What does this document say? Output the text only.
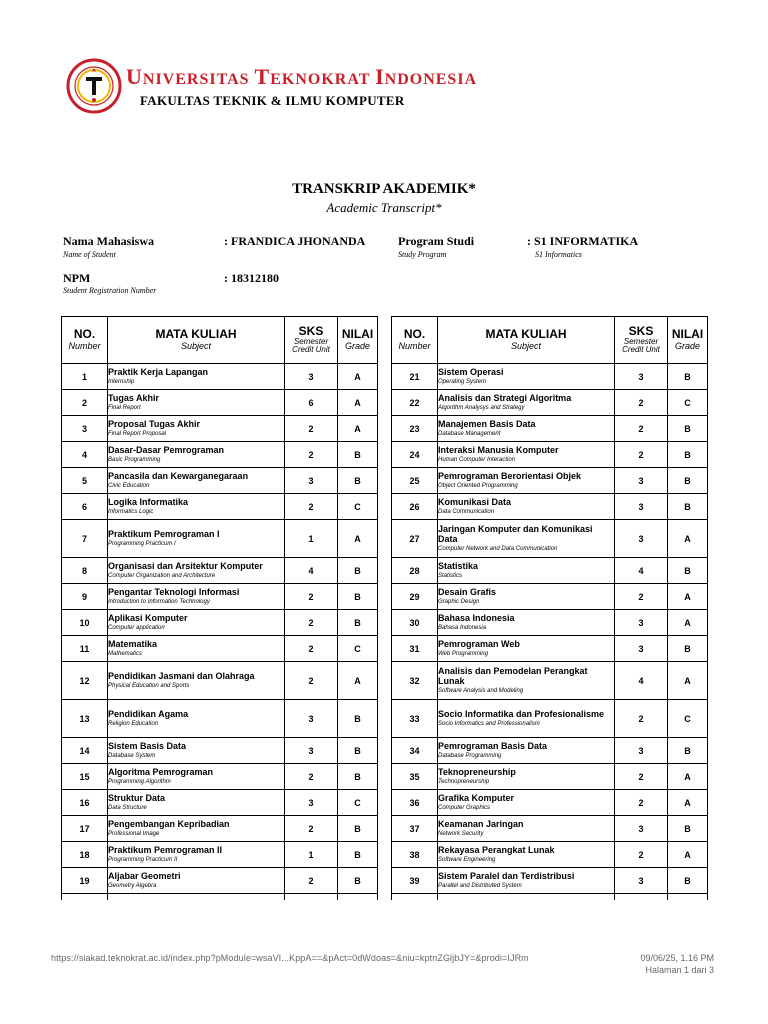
UNIVERSITAS TEKNOKRAT INDONESIA
FAKULTAS TEKNIK & ILMU KOMPUTER
TRANSKRIP AKADEMIK*
Academic Transcript*
Nama Mahasiswa
Name of Student
: FRANDICA JHONANDA	Program Studi
Study Program
: S1 INFORMATIKA
S1 Informatics
NPM
Student Registration Number
: 18312180
NO.
Number	MATA KULIAH
Subject	SKS
Semester Credit Unit	NILAI
Grade

1	Praktik Kerja Lapangan
Internship	3	A
2	Tugas Akhir
Final Report	6	A
3	Proposal Tugas Akhir
Final Report Proposal	2	A
4	Dasar-Dasar Pemrograman
Basic Programming	2	B
5	Pancasila dan Kewarganegaraan
Civic Education	3	B
6	Logika Informatika
Informatics Logic	2	C
7	Praktikum Pemrograman I
Programming Practicum I	1	A
8	Organisasi dan Arsitektur Komputer
Computer Organization and Architecture	4	B
9	Pengantar Teknologi Informasi
Introduction to Information Technology	2	B
10	Aplikasi Komputer
Computer application	2	B
11	Matematika
Mathematics	2	C
12	Pendidikan Jasmani dan Olahraga
Physical Education and Sports	2	A
13	Pendidikan Agama
Religion Education	3	B
14	Sistem Basis Data
Database System	3	B
15	Algoritma Pemrograman
Programming Algorithm	2	B
16	Struktur Data
Data Structure	3	C
17	Pengembangan Kepribadian
Professional Image	2	B
18	Praktikum Pemrograman II
Programming Practicum II	1	B
19	Aljabar Geometri
Geometry Algebra	2	B

NO.
Number	MATA KULIAH
Subject	SKS
Semester Credit Unit	NILAI
Grade

21	Sistem Operasi
Operating System	3	B
22	Analisis dan Strategi Algoritma
Algorithm Analysys and Strategy	2	C
23	Manajemen Basis Data
Database Management	2	B
24	Interaksi Manusia Komputer
Human Computer Interaction	2	B
25	Pemrograman Berorientasi Objek
Object Oriented Programming	3	B
26	Komunikasi Data
Data Communication	3	B
27	Jaringan Komputer dan Komunikasi Data
Computer Network and Data Communication	3	A
28	Statistika
Statistics	4	B
29	Desain Grafis
Graphic Design	2	A
30	Bahasa Indonesia
Bahasa Indonesia	3	A
31	Pemrograman Web
Web Programming	3	B
32	Analisis dan Pemodelan Perangkat Lunak
Software Analysis and Modeling	4	A
33	Socio Informatika dan Profesionalisme
Socio Informatics and Professionalism	2	C
34	Pemrograman Basis Data
Database Programming	3	B
35	Teknopreneurship
Technopreneurship	2	A
36	Grafika Komputer
Computer Graphics	2	A
37	Keamanan Jaringan
Network Security	3	B
38	Rekayasa Perangkat Lunak
Software Engineering	2	A
39	Sistem Paralel dan Terdistribusi
Parallel and Distributed System	3	B

https://siakad.teknokrat.ac.id/index.php?pModule=wsaVI...KppA==&pAct=0dWdoas=&niu=kptnZGljbJY=&prodi=IJRm	09/06/25, 1.16 PM
Halaman 1 dari 3
